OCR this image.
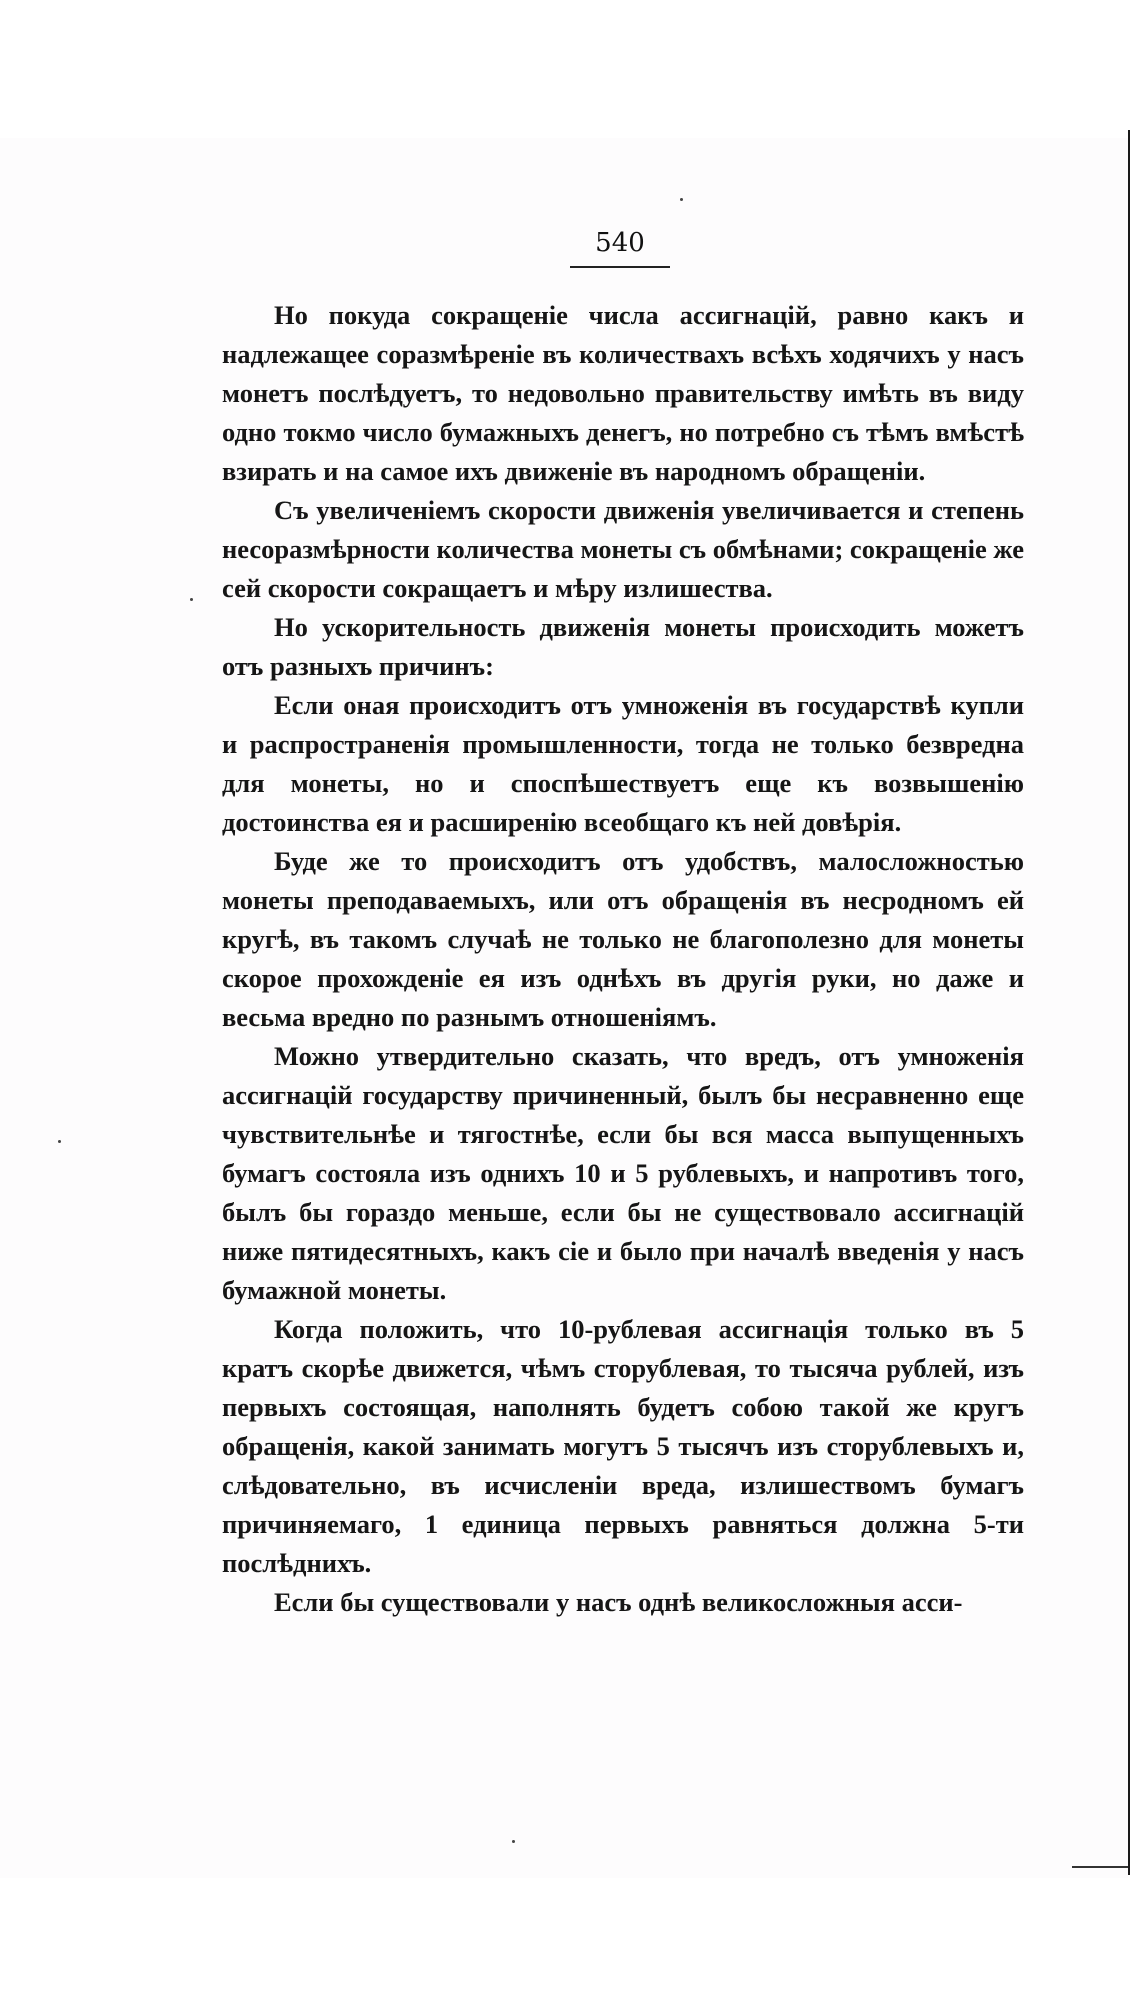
540

Но покуда сокращеніе числа ассигнацій, равно какъ и надлежащее соразмѣреніе въ количествахъ всѣхъ ходячихъ у насъ монетъ послѣдуетъ, то недовольно правительству имѣть въ виду одно токмо число бумажныхъ денегъ, но потребно съ тѣмъ вмѣстѣ взирать и на самое ихъ движеніе въ народномъ обращеніи.

Съ увеличеніемъ скорости движенія увеличивается и степень несоразмѣрности количества монеты съ обмѣнами; сокращеніе же сей скорости сокращаетъ и мѣру излишества.

Но ускорительность движенія монеты происходить можетъ отъ разныхъ причинъ:

Если оная происходитъ отъ умноженія въ государствѣ купли и распространенія промышленности, тогда не только безвредна для монеты, но и споспѣшествуетъ еще къ возвышенію достоинства ея и расширенію всеобщаго къ ней довѣрія.

Буде же то происходитъ отъ удобствъ, малосложностью монеты преподаваемыхъ, или отъ обращенія въ несродномъ ей кругѣ, въ такомъ случаѣ не только не благополезно для монеты скорое прохожденіе ея изъ однѣхъ въ другія руки, но даже и весьма вредно по разнымъ отношеніямъ.

Можно утвердительно сказать, что вредъ, отъ умноженія ассигнацій государству причиненный, былъ бы несравненно еще чувствительнѣе и тягостнѣе, если бы вся масса выпущенныхъ бумагъ состояла изъ однихъ 10 и 5 рублевыхъ, и напротивъ того, былъ бы гораздо меньше, если бы не существовало ассигнацій ниже пятидесятныхъ, какъ сіе и было при началѣ введенія у насъ бумажной монеты.

Когда положить, что 10-рублевая ассигнація только въ 5 кратъ скорѣе движется, чѣмъ сторублевая, то тысяча рублей, изъ первыхъ состоящая, наполнять будетъ собою такой же кругъ обращенія, какой занимать могутъ 5 тысячъ изъ сторублевыхъ и, слѣдовательно, въ исчисленіи вреда, излишествомъ бумагъ причиняемаго, 1 единица первыхъ равняться должна 5-ти послѣднихъ.

Если бы существовали у насъ однѣ великосложныя асси-
